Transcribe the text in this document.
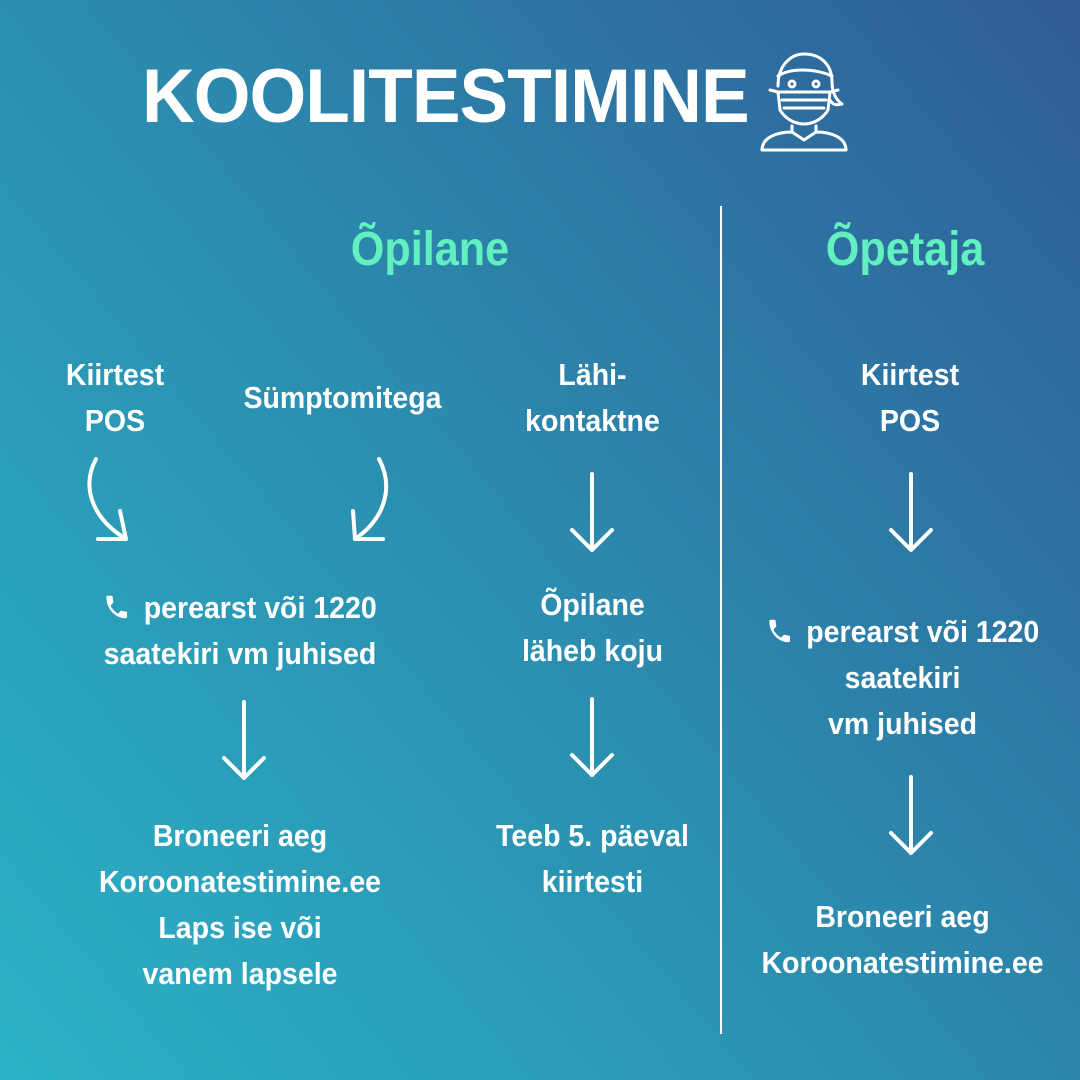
KOOLITESTIMINE
Õpilane	Õpetaja
Kiirtest
POS
Sümptomitega
Lähi-
kontaktne
Kiirtest
POS
perearst või 1220
saatekiri vm juhised
Õpilane
läheb koju
perearst või 1220
saatekiri
vm juhised
Broneeri aeg
Koroonatestimine.ee
Laps ise või
vanem lapsele
Teeb 5. päeval
kiirtesti
Broneeri aeg
Koroonatestimine.ee
